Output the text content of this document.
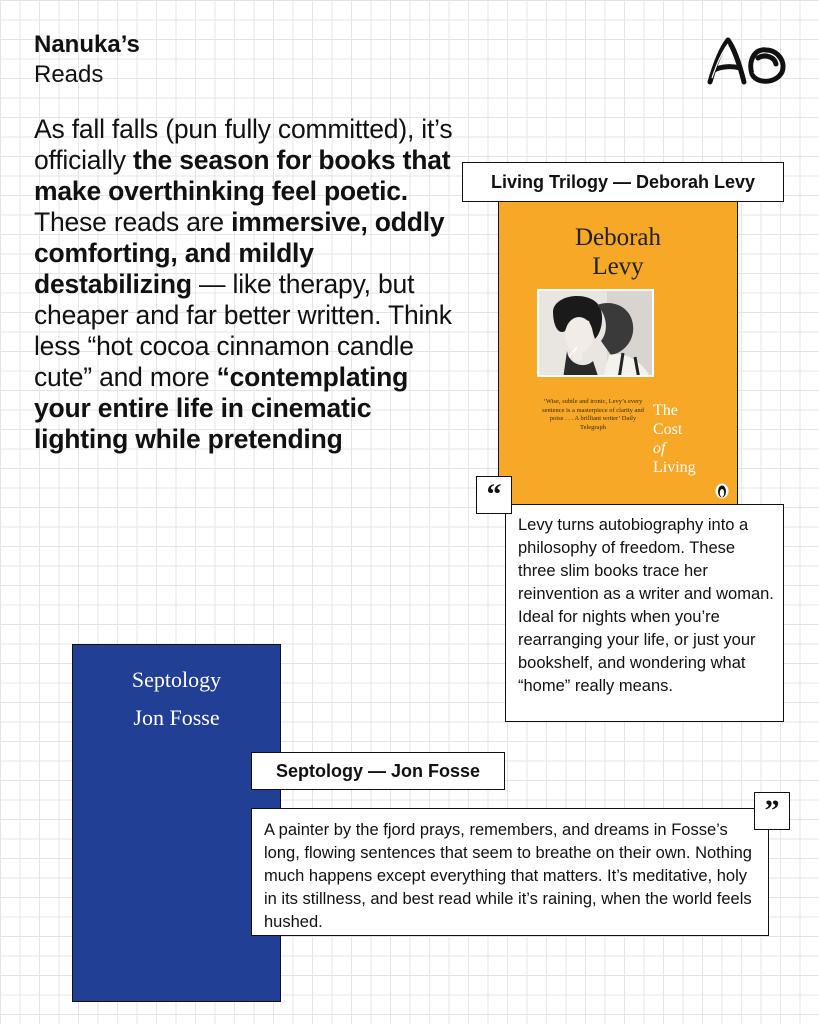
Nanuka’s
Reads
As fall falls (pun fully committed), it’s officially the season for books that make overthinking feel poetic. These reads are immersive, oddly comforting, and mildly destabilizing — like therapy, but cheaper and far better written. Think less “hot cocoa cinnamon candle cute” and more “contemplating your entire life in cinematic lighting while pretending
Deborah
Levy
‘Wise, subtle and ironic, Levy’s every sentence is a masterpiece of clarity and poise . . . A brilliant writer’ Daily Telegraph
The
Cost
of
Living
Living Trilogy — Deborah Levy
Levy turns autobiography into a philosophy of freedom. These three slim books trace her reinvention as a writer and woman. Ideal for nights when you’re rearranging your life, or just your bookshelf, and wondering what “home” really means.
“
Septology
Jon Fosse
Septology — Jon Fosse
A painter by the fjord prays, remembers, and dreams in Fosse’s long, flowing sentences that seem to breathe on their own. Nothing much happens except everything that matters. It’s meditative, holy in its stillness, and best read while it’s raining, when the world feels hushed.
”
